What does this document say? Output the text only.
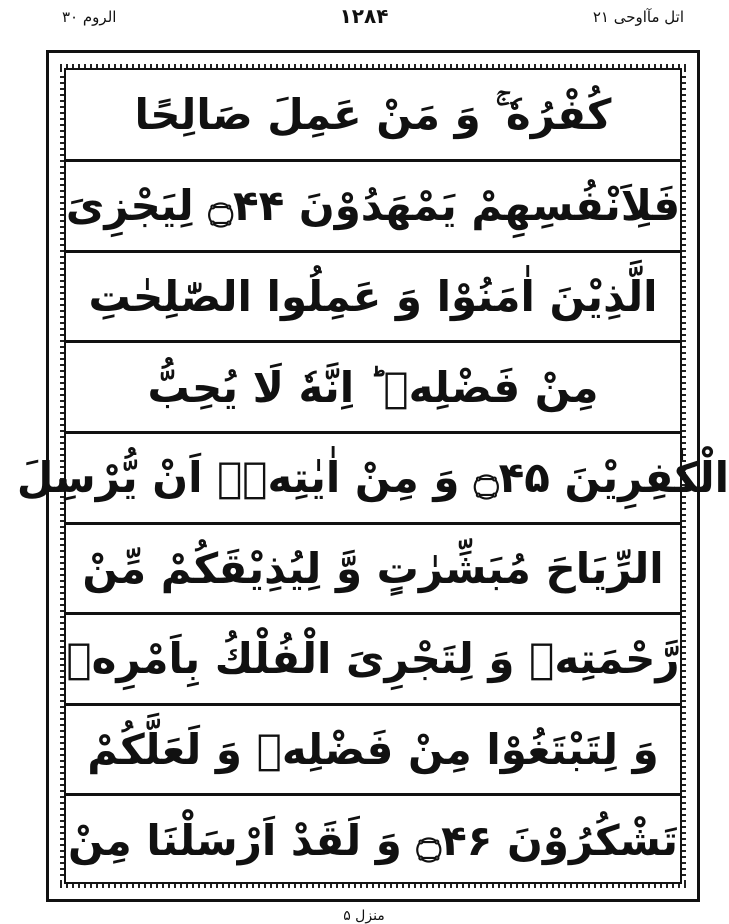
اتل مآاوحی ۲۱
۱۲۸۴
الروم ۳۰
کُفْرُهٗ ۚ وَ مَنْ عَمِلَ صَالِحًا
فَلِاَنْفُسِهِمْ یَمْهَدُوْنَ ۝۴۴ لِیَجْزِیَ
الَّذِیْنَ اٰمَنُوْا وَ عَمِلُوا الصّٰلِحٰتِ
مِنْ فَضْلِهٖ ؕ اِنَّهٗ لَا یُحِبُّ
الْكٰفِرِیْنَ ۝۴۵ وَ مِنْ اٰیٰتِهٖۤ اَنْ یُّرْسِلَ
الرِّیَاحَ مُبَشِّرٰتٍ وَّ لِیُذِیْقَكُمْ مِّنْ
رَّحْمَتِهٖ وَ لِتَجْرِیَ الْفُلْكُ بِاَمْرِهٖ
وَ لِتَبْتَغُوْا مِنْ فَضْلِهٖ وَ لَعَلَّكُمْ
تَشْكُرُوْنَ ۝۴۶ وَ لَقَدْ اَرْسَلْنَا مِنْ
منزل ۵
